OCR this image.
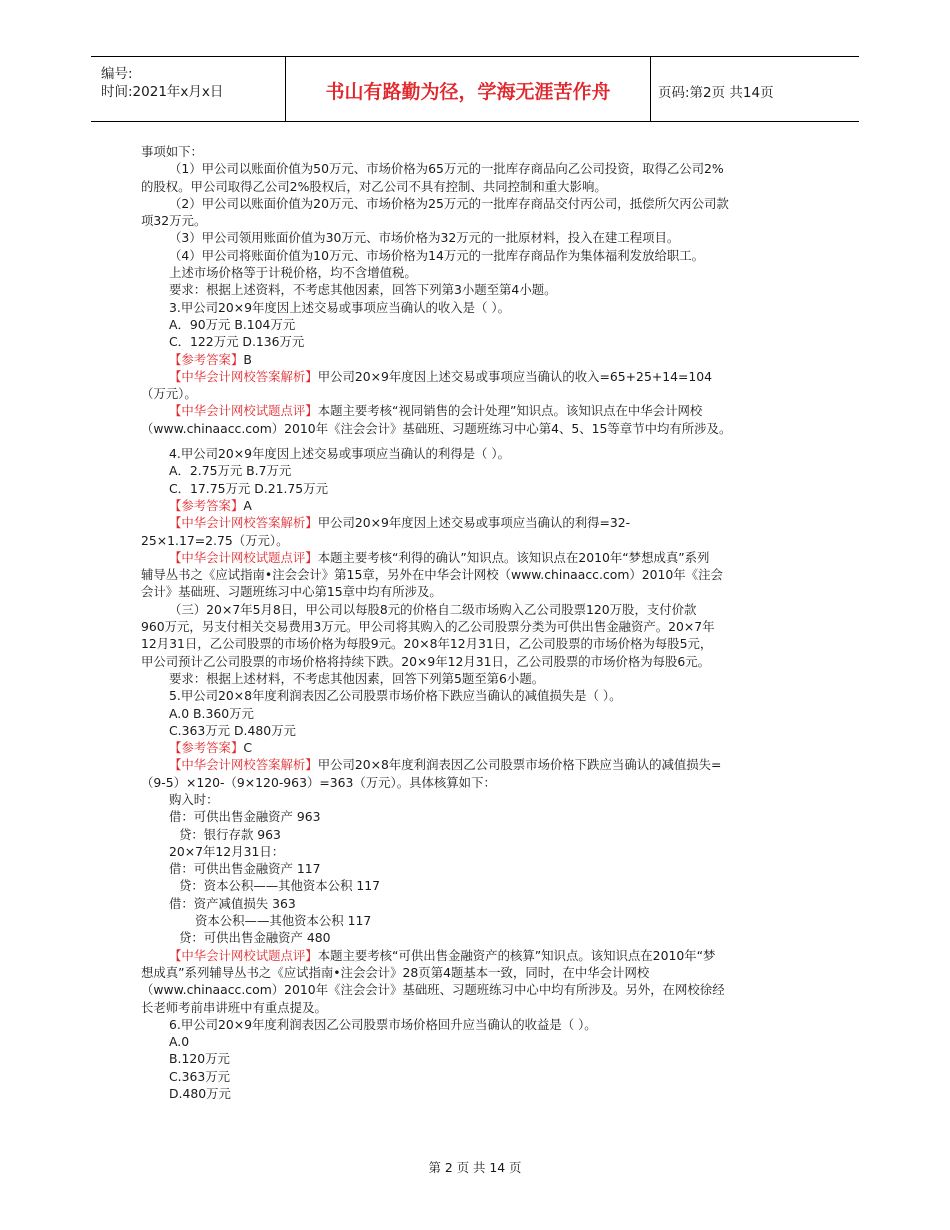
编号:
时间:2021年x月x日	书山有路勤为径，学海无涯苦作舟	页码:第2页 共14页
事项如下：
（1）甲公司以账面价值为50万元、市场价格为65万元的一批库存商品向乙公司投资，取得乙公司2%
的股权。甲公司取得乙公司2%股权后，对乙公司不具有控制、共同控制和重大影响。
（2）甲公司以账面价值为20万元、市场价格为25万元的一批库存商品交付丙公司，抵偿所欠丙公司款
项32万元。
（3）甲公司领用账面价值为30万元、市场价格为32万元的一批原材料，投入在建工程项目。
（4）甲公司将账面价值为10万元、市场价格为14万元的一批库存商品作为集体福利发放给职工。
上述市场价格等于计税价格，均不含增值税。
要求：根据上述资料，不考虑其他因素，回答下列第3小题至第4小题。
3.甲公司20×9年度因上述交易或事项应当确认的收入是（ ）。
A．90万元 B.104万元
C．122万元 D.136万元
【参考答案】B
【中华会计网校答案解析】甲公司20×9年度因上述交易或事项应当确认的收入=65+25+14=104
（万元）。
【中华会计网校试题点评】本题主要考核“视同销售的会计处理”知识点。该知识点在中华会计网校
（www.chinaacc.com）2010年《注会会计》基础班、习题班练习中心第4、5、15等章节中均有所涉及。
4.甲公司20×9年度因上述交易或事项应当确认的利得是（ ）。
A．2.75万元 B.7万元
C．17.75万元 D.21.75万元
【参考答案】A
【中华会计网校答案解析】甲公司20×9年度因上述交易或事项应当确认的利得=32-
25×1.17=2.75（万元）。
【中华会计网校试题点评】本题主要考核“利得的确认”知识点。该知识点在2010年“梦想成真”系列
辅导丛书之《应试指南•注会会计》第15章，另外在中华会计网校（www.chinaacc.com）2010年《注会
会计》基础班、习题班练习中心第15章中均有所涉及。
（三）20×7年5月8日，甲公司以每股8元的价格自二级市场购入乙公司股票120万股，支付价款
960万元，另支付相关交易费用3万元。甲公司将其购入的乙公司股票分类为可供出售金融资产。20×7年
12月31日，乙公司股票的市场价格为每股9元。20×8年12月31日，乙公司股票的市场价格为每股5元，
甲公司预计乙公司股票的市场价格将持续下跌。20×9年12月31日，乙公司股票的市场价格为每股6元。
要求：根据上述材料，不考虑其他因素，回答下列第5题至第6小题。
5.甲公司20×8年度利润表因乙公司股票市场价格下跌应当确认的减值损失是（ ）。
A.0 B.360万元
C.363万元 D.480万元
【参考答案】C
【中华会计网校答案解析】甲公司20×8年度利润表因乙公司股票市场价格下跌应当确认的减值损失=
（9-5）×120-（9×120-963）=363（万元）。具体核算如下：
购入时：
借：可供出售金融资产 963
贷：银行存款 963
20×7年12月31日：
借：可供出售金融资产 117
贷：资本公积——其他资本公积 117
借：资产减值损失 363
资本公积——其他资本公积 117
贷：可供出售金融资产 480
【中华会计网校试题点评】本题主要考核“可供出售金融资产的核算”知识点。该知识点在2010年“梦
想成真”系列辅导丛书之《应试指南•注会会计》28页第4题基本一致，同时，在中华会计网校
（www.chinaacc.com）2010年《注会会计》基础班、习题班练习中心中均有所涉及。另外，在网校徐经
长老师考前串讲班中有重点提及。
6.甲公司20×9年度利润表因乙公司股票市场价格回升应当确认的收益是（ ）。
A.0
B.120万元
C.363万元
D.480万元
第 2 页 共 14 页
